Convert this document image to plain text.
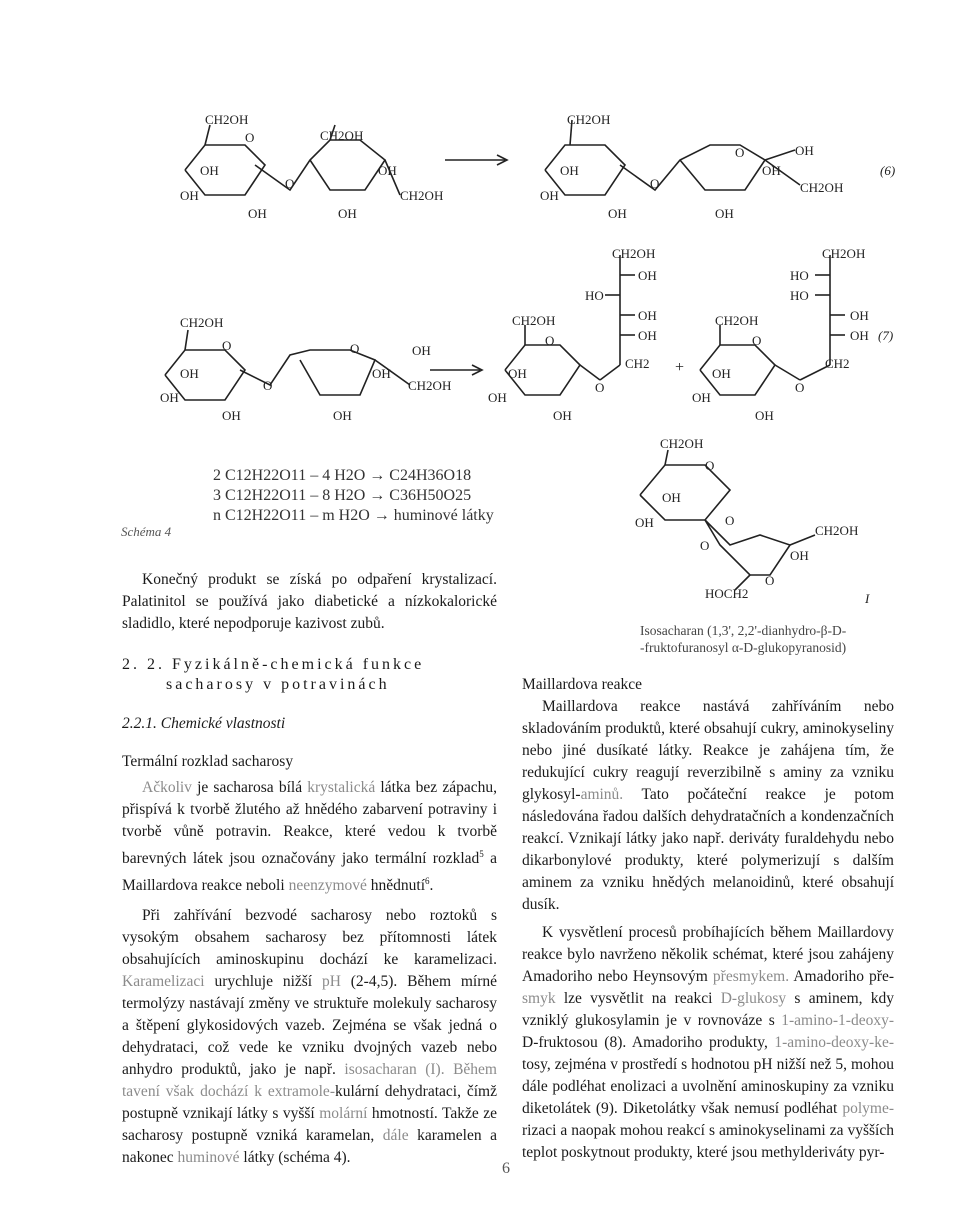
CH2OH
CH2OH
O
OH
OH
OH
O
OH
CH2OH
OH
CH2OH
OH
OH
OH
O
O	OH
CH2OH
OH
OH
(6)
CH2OH
OH
OH
OH
O
O
O	OH
OH
CH2OH
OH
CH2OH
OH
OH
OH
O
O
CH2OH
OH
HO
OH
OH
CH2 +
CH2OH
OH
OH
OH
O
O
CH2OH
HO
HO
OH
OH
CH2
(7)
CH2OH
O
OH
OH	O
O
CH2OH
OH
O
HOCH2	I
2 C12H22O11 – 4 H2O → C24H36O18
3 C12H22O11 – 8 H2O → C36H50O25
n C12H22O11 – m H2O → huminové látky
Schéma 4
Isosacharan (1,3', 2,2'-dianhydro-β-D-
-fruktofuranosyl α-D-glukopyranosid)

Konečný produkt se získá po odpaření krystalizací. Palatinitol se používá jako diabetické a nízkokalorické sladidlo, které nepodporuje kazivost zubů.

2. 2. Fyzikálně-chemická funkce
sacharosy v potravinách
2.2.1. Chemické vlastnosti
Termální rozklad sacharosy

Ačkoliv je sacharosa bílá krystalická látka bez zápachu, přispívá k tvorbě žlutého až hnědého zabarvení potraviny i tvorbě vůně potravin. Reakce, které vedou k tvorbě barevných látek jsou označovány jako termální rozklad$^5$ a Maillardova reakce neboli neenzymové hnědnutí$^6$.

Při zahřívání bezvodé sacharosy nebo roztoků s vysokým obsahem sacharosy bez přítomnosti látek obsahujících aminoskupinu dochází ke karamelizaci. Karamelizaci urychluje nižší pH (2-4,5). Během mírné termolýzy nastávají změny ve struktuře molekuly sacharosy a štěpení glykosidových vazeb. Zejména se však jedná o dehydrataci, což vede ke vzniku dvojných vazeb nebo anhydro produktů, jako je např. isosacharan (I). Během tavení však dochází k extramole-kulární dehydrataci, čímž postupně vznikají látky s vyšší molární hmotností. Takže ze sacharosy postupně vzniká karamelan, dále karamelen a nakonec huminové látky (schéma 4).

Maillardova reakce

Maillardova reakce nastává zahříváním nebo skladováním produktů, které obsahují cukry, aminokyseliny nebo jiné dusíkaté látky. Reakce je zahájena tím, že redukující cukry reagují reverzibilně s aminy za vzniku glykosyl-aminů. Tato počáteční reakce je potom následována řadou dalších dehydratačních a kondenzačních reakcí. Vznikají látky jako např. deriváty furaldehydu nebo dikarbonylové produkty, které polymerizují s dalším aminem za vzniku hnědých melanoidinů, které obsahují dusík.

K vysvětlení procesů probíhajících během Maillardovy reakce bylo navrženo několik schémat, které jsou zahájeny Amadoriho nebo Heynsovým přesmykem. Amadoriho pře-smyk lze vysvětlit na reakci D-glukosy s aminem, kdy vzniklý glukosylamin je v rovnováze s 1-amino-1-deoxy-D-fruktosou (8). Amadoriho produkty, 1-amino-deoxy-ke-tosy, zejména v prostředí s hodnotou pH nižší než 5, mohou dále podléhat enolizaci a uvolnění aminoskupiny za vzniku diketolátek (9). Diketolátky však nemusí podléhat polyme-rizaci a naopak mohou reakcí s aminokyselinami za vyšších teplot poskytnout produkty, které jsou methylderiváty pyr-

6
